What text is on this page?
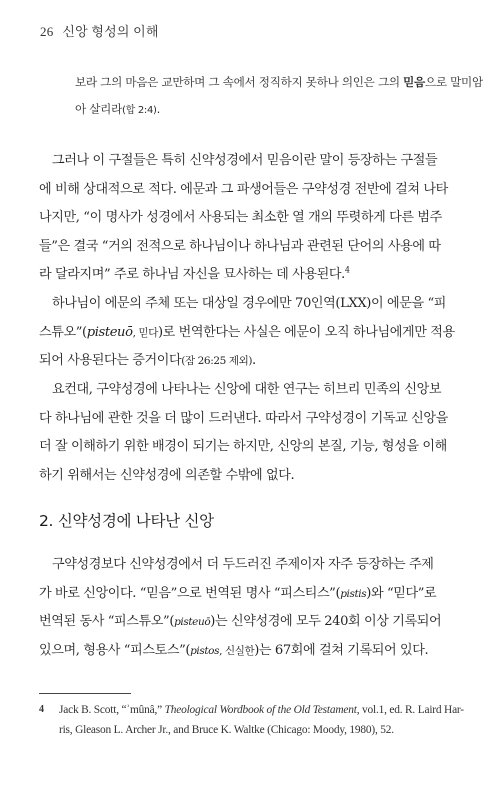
26 신앙 형성의 이해
보라 그의 마음은 교만하며 그 속에서 정직하지 못하나 의인은 그의 믿음으로 말미암
아 살리라(합 2:4).
그러나 이 구절들은 특히 신약성경에서 믿음이란 말이 등장하는 구절들
에 비해 상대적으로 적다. 에문과 그 파생어들은 구약성경 전반에 걸쳐 나타
나지만, “이 명사가 성경에서 사용되는 최소한 열 개의 뚜렷하게 다른 범주
들”은 결국 “거의 전적으로 하나님이나 하나님과 관련된 단어의 사용에 따
라 달라지며” 주로 하나님 자신을 묘사하는 데 사용된다.$^4$
하나님이 에문의 주체 또는 대상일 경우에만 70인역(LXX)이 에문을 “피
스튜오”(pisteuō, 믿다)로 번역한다는 사실은 에문이 오직 하나님에게만 적용
되어 사용된다는 증거이다(잠 26:25 제외).
요컨대, 구약성경에 나타나는 신앙에 대한 연구는 히브리 민족의 신앙보
다 하나님에 관한 것을 더 많이 드러낸다. 따라서 구약성경이 기독교 신앙을
더 잘 이해하기 위한 배경이 되기는 하지만, 신앙의 본질, 기능, 형성을 이해
하기 위해서는 신약성경에 의존할 수밖에 없다.
2. 신약성경에 나타난 신앙
구약성경보다 신약성경에서 더 두드러진 주제이자 자주 등장하는 주제
가 바로 신앙이다. “믿음”으로 번역된 명사 “피스티스”(pistis)와 “믿다”로
번역된 동사 “피스튜오”(pisteuō)는 신약성경에 모두 240회 이상 기록되어
있으며, 형용사 “피스토스”(pistos, 신실한)는 67회에 걸쳐 기록되어 있다.
4	Jack B. Scott, “ʾmûnâ,” Theological Wordbook of the Old Testament, vol.1, ed. R. Laird Har-
ris, Gleason L. Archer Jr., and Bruce K. Waltke (Chicago: Moody, 1980), 52.
